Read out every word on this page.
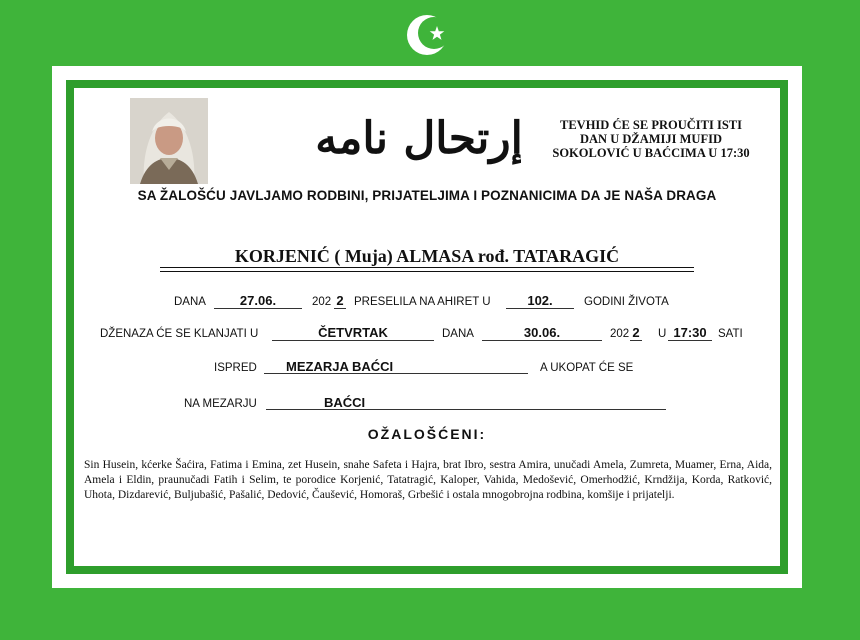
إرتحال نامه	TEVHID ĆE SE PROUČITI ISTI
DAN U DŽAMIJI MUFID
SOKOLOVIĆ U BAĆCIMA U 17:30
SA ŽALOŠĆU JAVLJAMO RODBINI, PRIJATELJIMA I POZNANICIMA DA JE NAŠA DRAGA
KORJENIĆ ( Muja) ALMASA rođ. TATARAGIĆ
DANA	27.06.	202 2 PRESELILA NA AHIRET U	102.	GODINI ŽIVOTA
DŽENAZA ĆE SE KLANJATI U	ČETVRTAK	DANA	30.06.	202 2 U 17:30 SATI
ISPRED	MEZARJA BAĆCI	A UKOPAT ĆE SE
NA MEZARJU	BAĆCI
OŽALOŠĆENI:
Sin Husein, kćerke Šaćira, Fatima i Emina, zet Husein, snahe Safeta i Hajra, brat Ibro, sestra Amira, unučadi Amela, Zumreta, Muamer, Erna, Aida, Amela i Eldin, praunučadi Fatih i Selim, te porodice Korjenić, Tatatragić, Kaloper, Vahida, Medošević, Omerhodžić, Krndžija, Korda, Ratković, Uhota, Dizdarević, Buljubašić, Pašalić, Dedović, Čaušević, Homoraš, Grbešić i ostala mnogobrojna rodbina, komšije i prijatelji.
